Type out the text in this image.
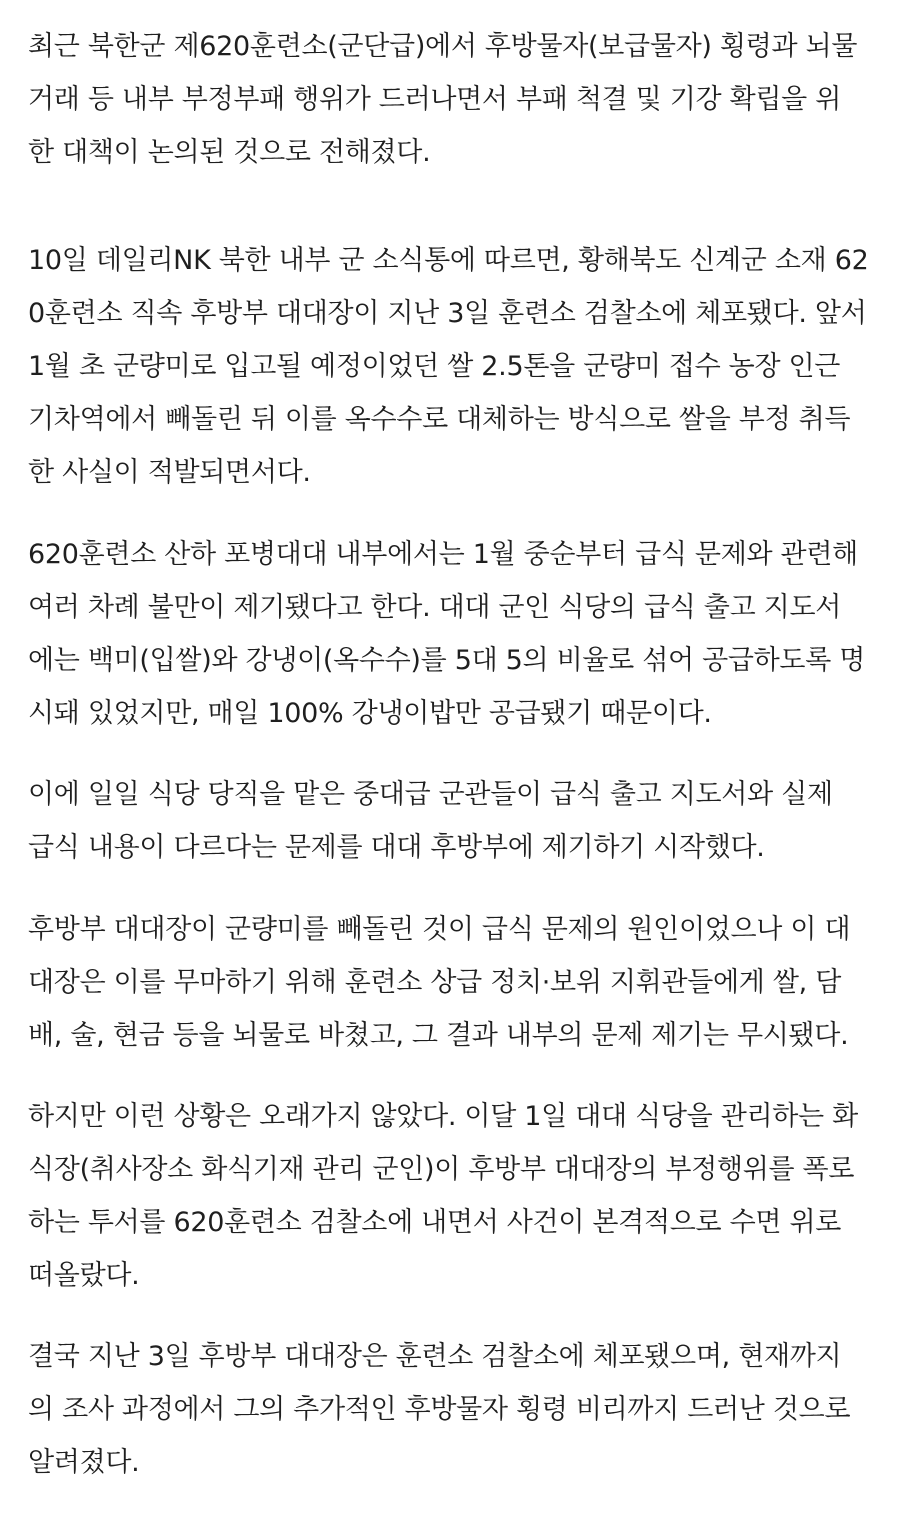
최근 북한군 제620훈련소(군단급)에서 후방물자(보급물자) 횡령과 뇌물
거래 등 내부 부정부패 행위가 드러나면서 부패 척결 및 기강 확립을 위
한 대책이 논의된 것으로 전해졌다.

10일 데일리NK 북한 내부 군 소식통에 따르면, 황해북도 신계군 소재 62
0훈련소 직속 후방부 대대장이 지난 3일 훈련소 검찰소에 체포됐다. 앞서
1월 초 군량미로 입고될 예정이었던 쌀 2.5톤을 군량미 접수 농장 인근
기차역에서 빼돌린 뒤 이를 옥수수로 대체하는 방식으로 쌀을 부정 취득
한 사실이 적발되면서다.

620훈련소 산하 포병대대 내부에서는 1월 중순부터 급식 문제와 관련해
여러 차례 불만이 제기됐다고 한다. 대대 군인 식당의 급식 출고 지도서
에는 백미(입쌀)와 강냉이(옥수수)를 5대 5의 비율로 섞어 공급하도록 명
시돼 있었지만, 매일 100% 강냉이밥만 공급됐기 때문이다.

이에 일일 식당 당직을 맡은 중대급 군관들이 급식 출고 지도서와 실제
급식 내용이 다르다는 문제를 대대 후방부에 제기하기 시작했다.

후방부 대대장이 군량미를 빼돌린 것이 급식 문제의 원인이었으나 이 대
대장은 이를 무마하기 위해 훈련소 상급 정치·보위 지휘관들에게 쌀, 담
배, 술, 현금 등을 뇌물로 바쳤고, 그 결과 내부의 문제 제기는 무시됐다.

하지만 이런 상황은 오래가지 않았다. 이달 1일 대대 식당을 관리하는 화
식장(취사장소 화식기재 관리 군인)이 후방부 대대장의 부정행위를 폭로
하는 투서를 620훈련소 검찰소에 내면서 사건이 본격적으로 수면 위로
떠올랐다.

결국 지난 3일 후방부 대대장은 훈련소 검찰소에 체포됐으며, 현재까지
의 조사 과정에서 그의 추가적인 후방물자 횡령 비리까지 드러난 것으로
알려졌다.
